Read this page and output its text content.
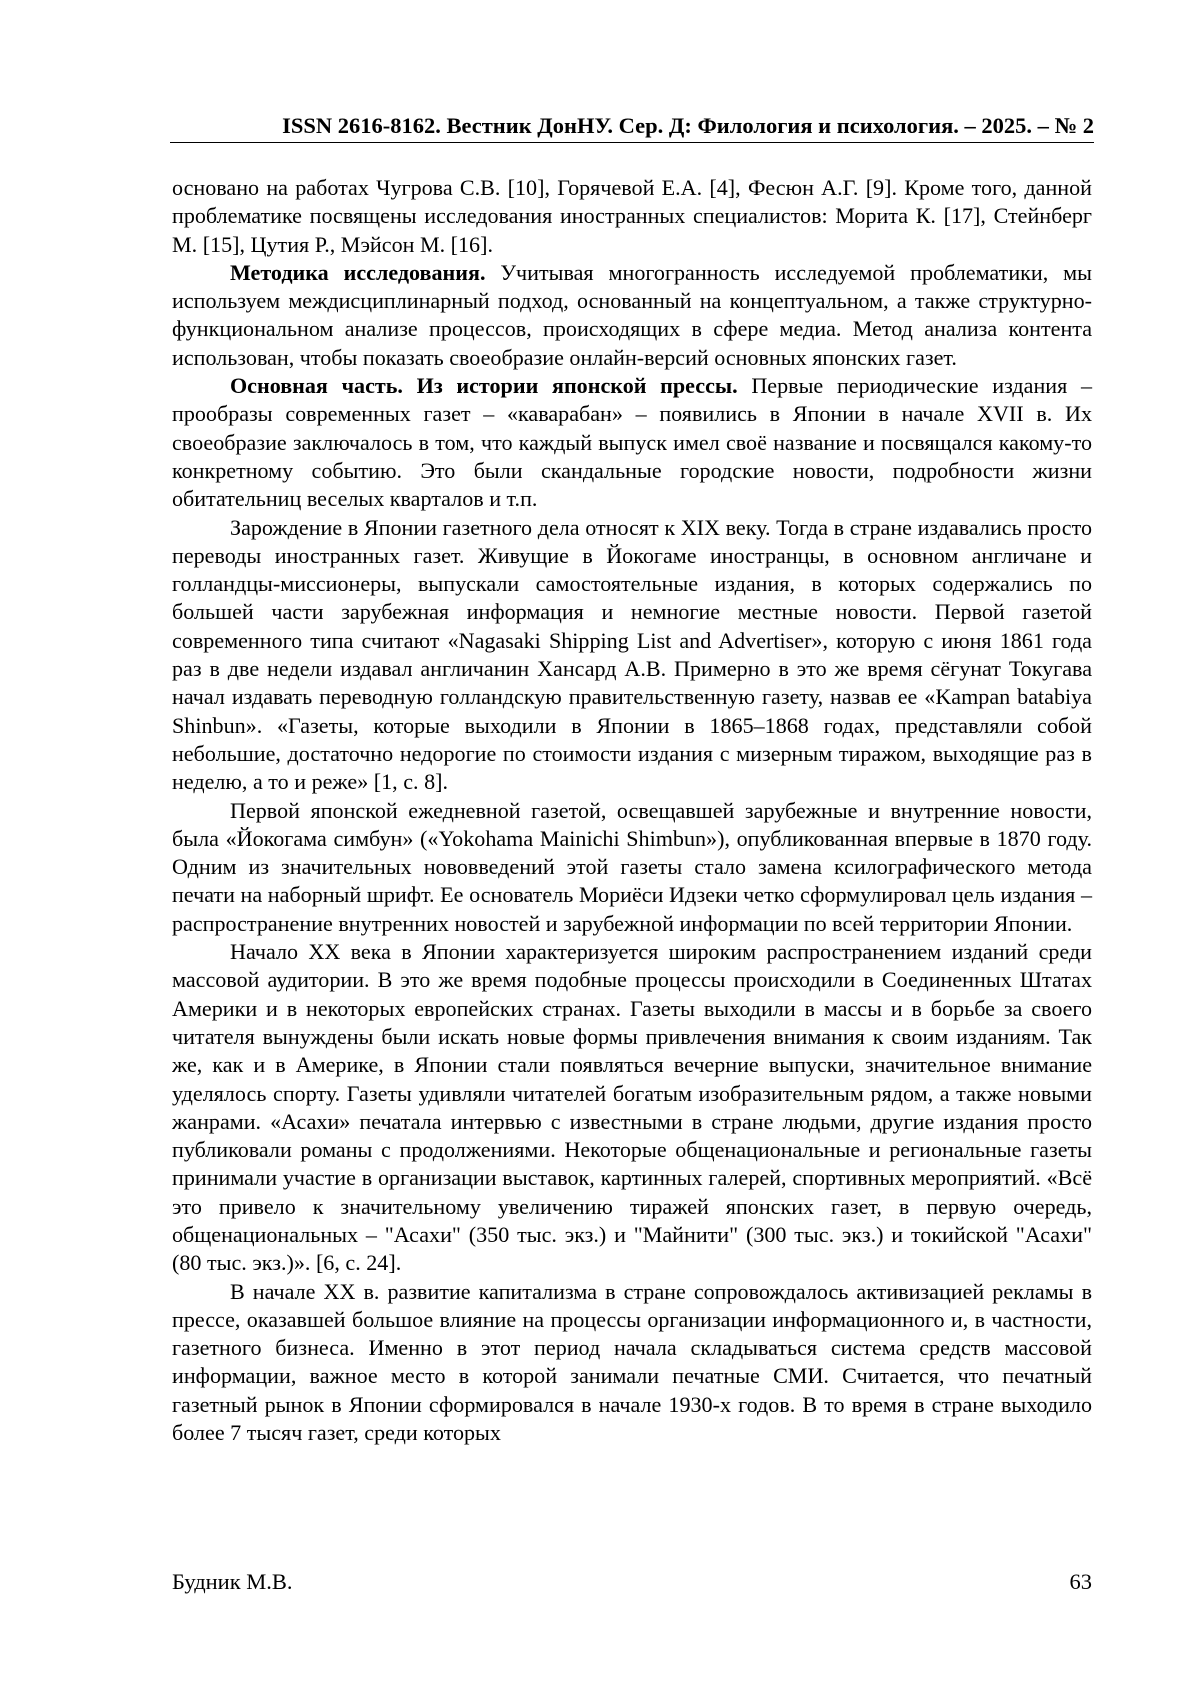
ISSN 2616-8162. Вестник ДонНУ. Сер. Д: Филология и психология. – 2025. – № 2

основано на работах Чугрова С.В. [10], Горячевой Е.А. [4], Фесюн А.Г. [9]. Кроме того, данной проблематике посвящены исследования иностранных специалистов: Морита К. [17], Стейнберг М. [15], Цутия Р., Мэйсон М. [16].

Методика исследования. Учитывая многогранность исследуемой проблематики, мы используем междисциплинарный подход, основанный на концептуальном, а также структурно-функциональном анализе процессов, происходящих в сфере медиа. Метод анализа контента использован, чтобы показать своеобразие онлайн-версий основных японских газет.

Основная часть. Из истории японской прессы. Первые периодические издания –прообразы современных газет – «каварабан» – появились в Японии в начале XVII в. Их своеобразие заключалось в том, что каждый выпуск имел своё название и посвящался какому-то конкретному событию. Это были скандальные городские новости, подробности жизни обитательниц веселых кварталов и т.п.

Зарождение в Японии газетного дела относят к XIX веку. Тогда в стране издавались просто переводы иностранных газет. Живущие в Йокогаме иностранцы, в основном англичане и голландцы-миссионеры, выпускали самостоятельные издания, в которых содержались по большей части зарубежная информация и немногие местные новости. Первой газетой современного типа считают «Nagasaki Shipping List and Advertiser», которую с июня 1861 года раз в две недели издавал англичанин Хансард А.В. Примерно в это же время сёгунат Токугава начал издавать переводную голландскую правительственную газету, назвав ее «Kampan batabiya Shinbun». «Газеты, которые выходили в Японии в 1865–1868 годах, представляли собой небольшие, достаточно недорогие по стоимости издания с мизерным тиражом, выходящие раз в неделю, а то и реже» [1, с. 8].

Первой японской ежедневной газетой, освещавшей зарубежные и внутренние новости, была «Йокогама симбун» («Yokohama Mainichi Shimbun»), опубликованная впервые в 1870 году. Одним из значительных нововведений этой газеты стало замена ксилографического метода печати на наборный шрифт. Ее основатель Мориёси Идзеки четко сформулировал цель издания – распространение внутренних новостей и зарубежной информации по всей территории Японии.

Начало XX века в Японии характеризуется широким распространением изданий среди массовой аудитории. В это же время подобные процессы происходили в Соединенных Штатах Америки и в некоторых европейских странах. Газеты выходили в массы и в борьбе за своего читателя вынуждены были искать новые формы привлечения внимания к своим изданиям. Так же, как и в Америке, в Японии стали появляться вечерние выпуски, значительное внимание уделялось спорту. Газеты удивляли читателей богатым изобразительным рядом, а также новыми жанрами. «Асахи» печатала интервью с известными в стране людьми, другие издания просто публиковали романы с продолжениями. Некоторые общенациональные и региональные газеты принимали участие в организации выставок, картинных галерей, спортивных мероприятий. «Всё это привело к значительному увеличению тиражей японских газет, в первую очередь, общенациональных – "Асахи" (350 тыс. экз.) и "Майнити" (300 тыс. экз.) и токийской "Асахи" (80 тыс. экз.)». [6, с. 24].

В начале XX в. развитие капитализма в стране сопровождалось активизацией рекламы в прессе, оказавшей большое влияние на процессы организации информационного и, в частности, газетного бизнеса. Именно в этот период начала складываться система средств массовой информации, важное место в которой занимали печатные СМИ. Считается, что печатный газетный рынок в Японии сформировался в начале 1930-х годов. В то время в стране выходило более 7 тысяч газет, среди которых

Будник М.В.	63
